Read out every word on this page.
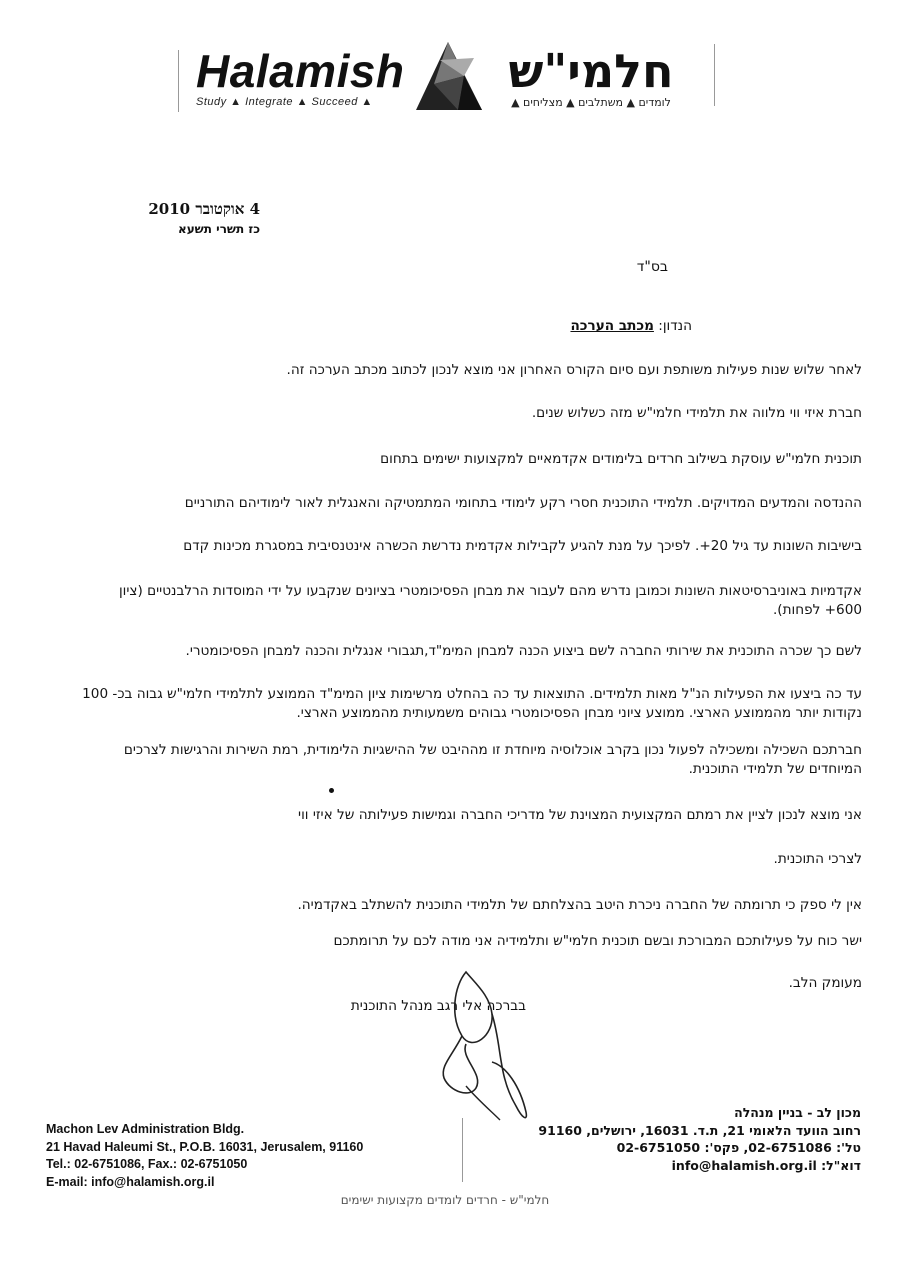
Halamish
Study ▲ Integrate ▲ Succeed ▲
חלמי"ש
לומדים ▲ משתלבים ▲ מצליחים ▲
4 אוקטובר 2010
כז תשרי תשעא
בס"ד
הנדון: מכתב הערכה
לאחר שלוש שנות פעילות משותפת ועם סיום הקורס האחרון אני מוצא לנכון לכתוב מכתב הערכה זה.
חברת איזי ווי מלווה את תלמידי חלמי"ש מזה כשלוש שנים.
תוכנית חלמי"ש עוסקת בשילוב חרדים בלימודים אקדמאיים למקצועות ישימים בתחום
ההנדסה והמדעים המדויקים. תלמידי התוכנית חסרי רקע לימודי בתחומי המתמטיקה והאנגלית לאור לימודיהם התורניים
בישיבות השונות עד גיל 20+. לפיכך על מנת להגיע לקבילות אקדמית נדרשת הכשרה אינטנסיבית במסגרת מכינות קדם
אקדמיות באוניברסיטאות השונות וכמובן נדרש מהם לעבור את מבחן הפסיכומטרי בציונים שנקבעו על ידי המוסדות הרלבנטיים (ציון 600+ לפחות).
לשם כך שכרה התוכנית את שירותי החברה לשם ביצוע הכנה למבחן המימ"ד,תגבורי אנגלית והכנה למבחן הפסיכומטרי.
עד כה ביצעו את הפעילות הנ"ל מאות תלמידים. התוצאות עד כה בהחלט מרשימות ציון המימ"ד הממוצע לתלמידי חלמי"ש גבוה בכ- 100 נקודות יותר מהממוצע הארצי. ממוצע ציוני מבחן הפסיכומטרי גבוהים משמעותית מהממוצע הארצי.
חברתכם השכילה ומשכילה לפעול נכון בקרב אוכלוסיה מיוחדת זו מההיבט של ההישגיות הלימודית, רמת השירות והרגישות לצרכים המיוחדים של תלמידי התוכנית.
אני מוצא לנכון לציין את רמתם המקצועית המצוינת של מדריכי החברה וגמישות פעילותה של איזי ווי
לצרכי התוכנית.
אין לי ספק כי תרומתה של החברה ניכרת היטב בהצלחתם של תלמידי התוכנית להשתלב באקדמיה.
ישר כוח על פעילותכם המבורכת ובשם תוכנית חלמי"ש ותלמידיה אני מודה לכם על תרומתכם
מעומק הלב.
בברכה אלי רגב מנהל התוכנית
Machon Lev Administration Bldg.
21 Havad Haleumi St., P.O.B. 16031, Jerusalem, 91160
Tel.: 02-6751086, Fax.: 02-6751050
E-mail: info@halamish.org.il
מכון לב - בניין מנהלה
רחוב הוועד הלאומי 21, ת.ד. 16031, ירושלים, 91160
טל': 02-6751086, פקס': 02-6751050
דוא"ל: info@halamish.org.il
חלמי"ש - חרדים לומדים מקצועות ישימים
